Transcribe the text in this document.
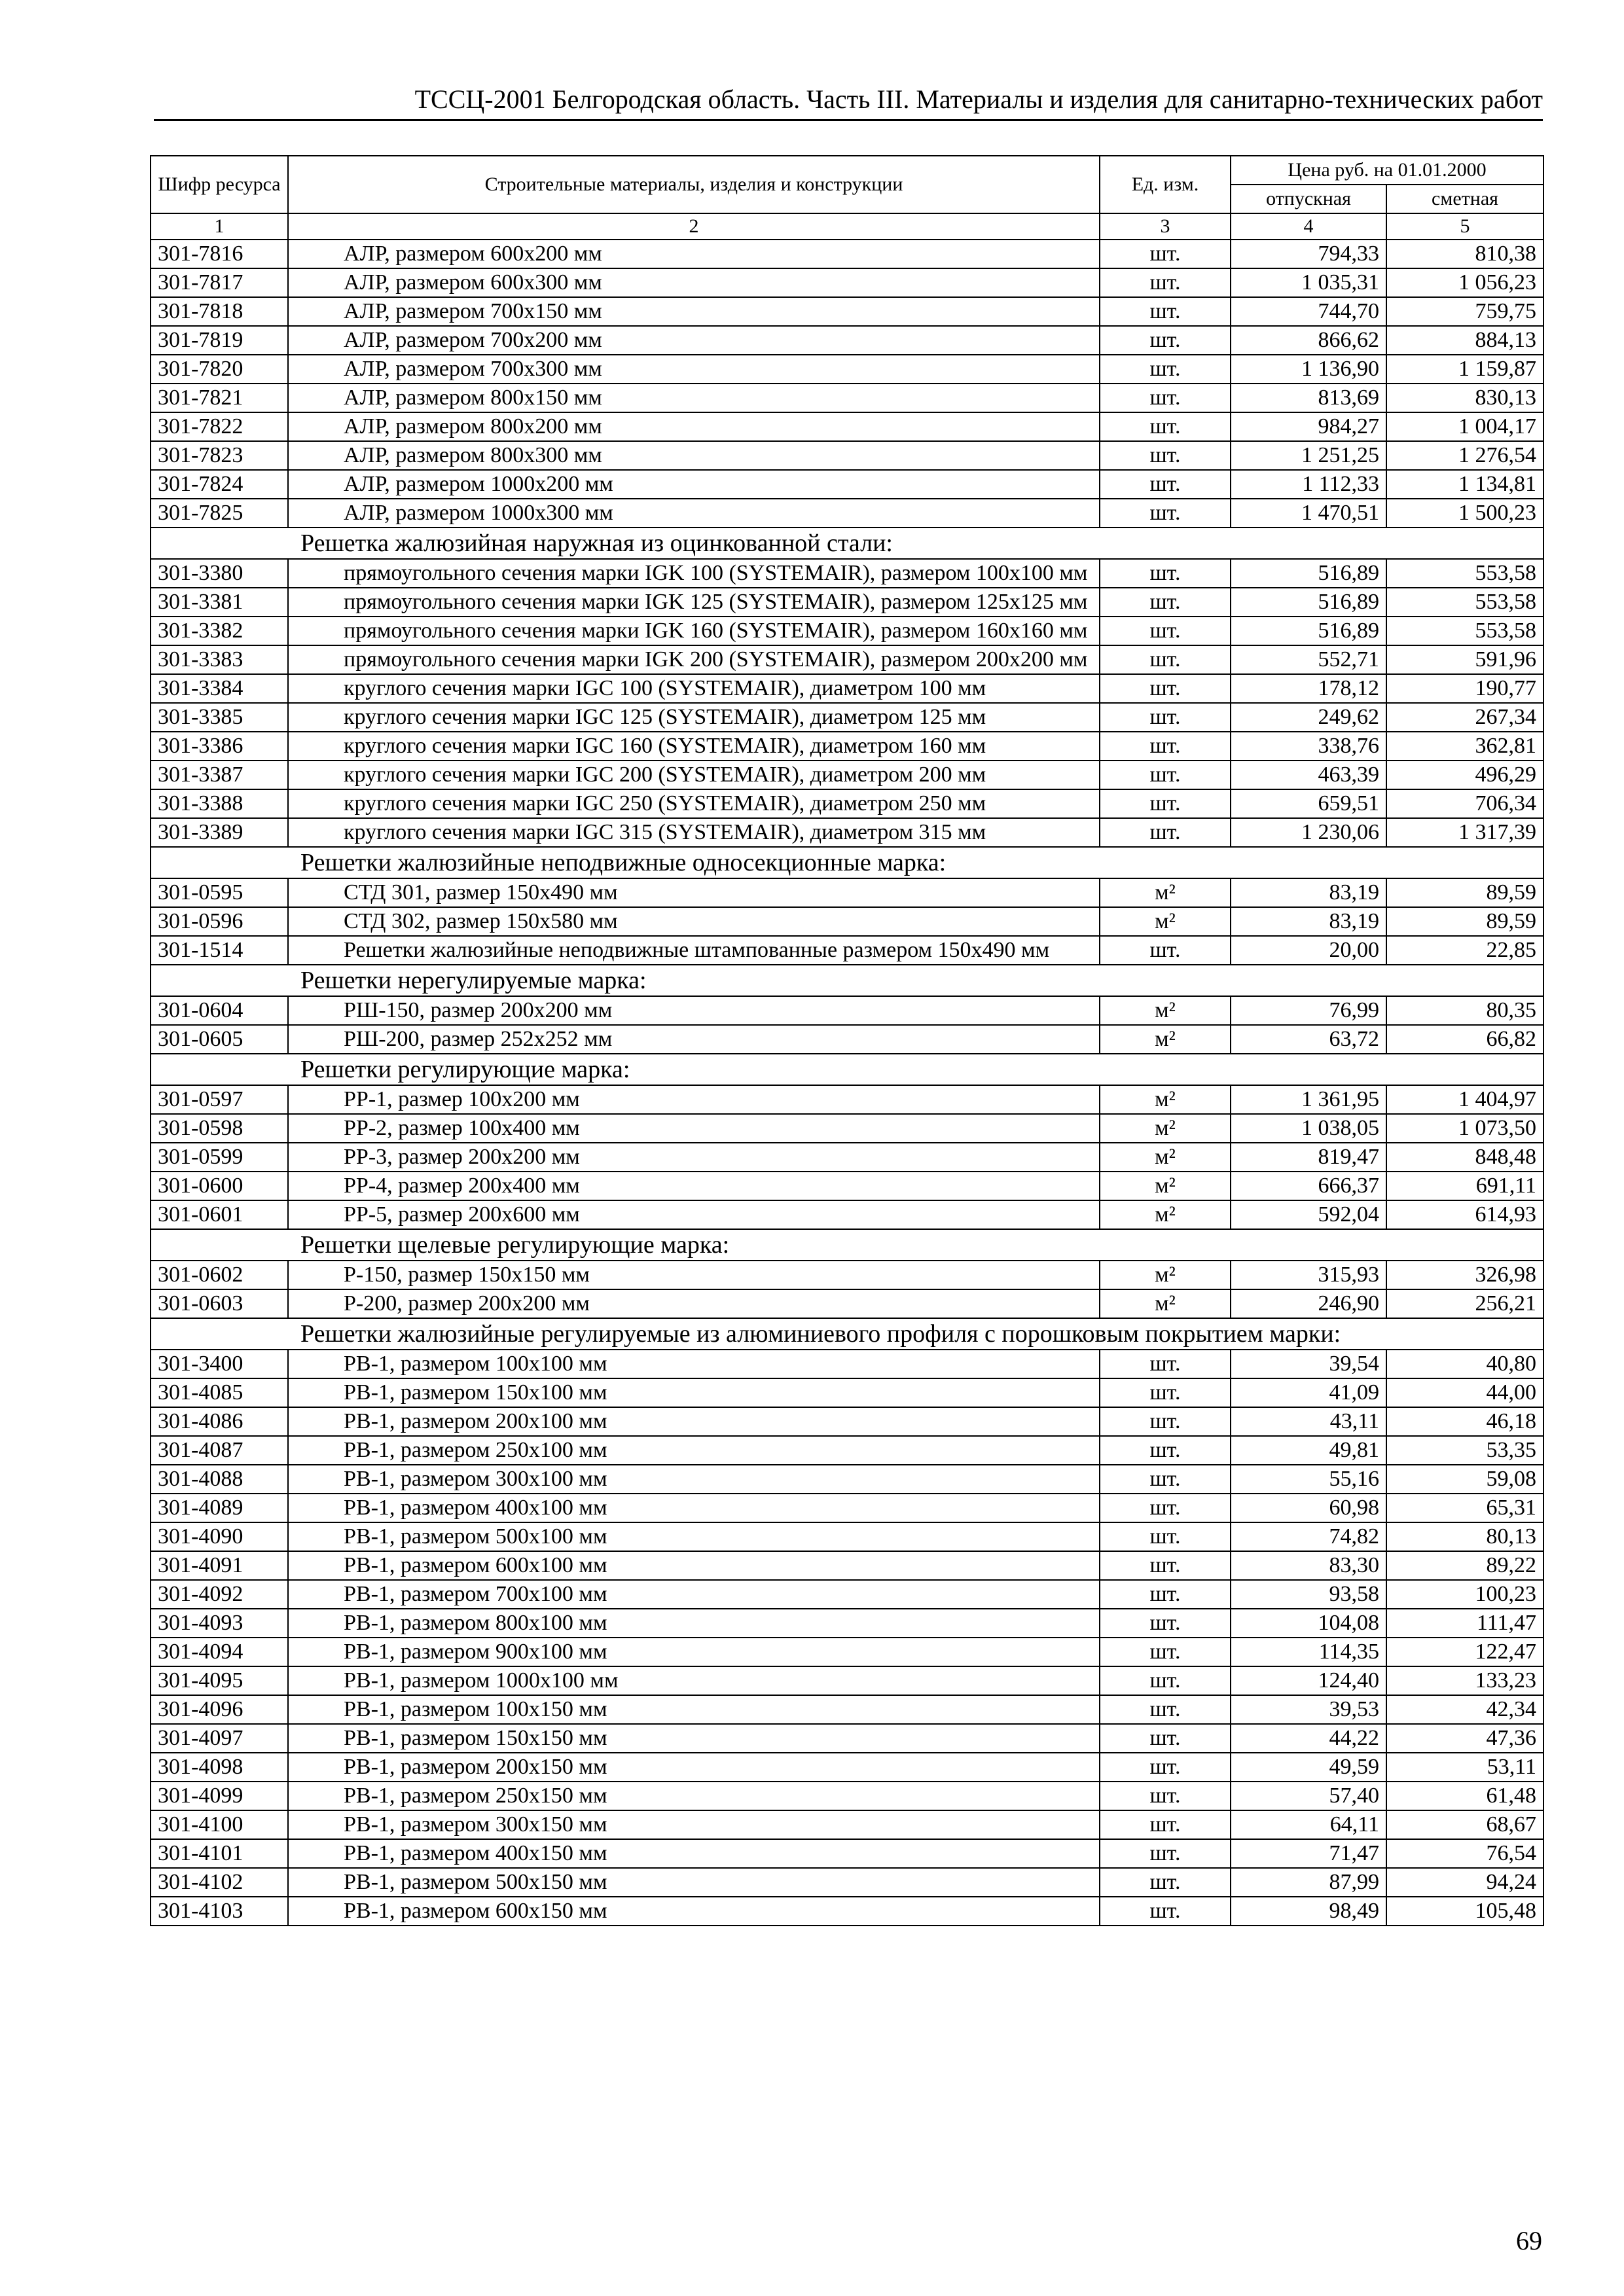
ТССЦ-2001 Белгородская область. Часть III. Материалы и изделия для санитарно-технических работ
Шифр ресурса	Строительные материалы, изделия и конструкции	Ед. изм.	Цена руб. на 01.01.2000	
			отпускная	сметная
1	2	3	4	5
301-7816	АЛР, размером 600х200 мм	шт.	794,33	810,38
301-7817	АЛР, размером 600х300 мм	шт.	1 035,31	1 056,23
301-7818	АЛР, размером 700х150 мм	шт.	744,70	759,75
301-7819	АЛР, размером 700х200 мм	шт.	866,62	884,13
301-7820	АЛР, размером 700х300 мм	шт.	1 136,90	1 159,87
301-7821	АЛР, размером 800х150 мм	шт.	813,69	830,13
301-7822	АЛР, размером 800х200 мм	шт.	984,27	1 004,17
301-7823	АЛР, размером 800х300 мм	шт.	1 251,25	1 276,54
301-7824	АЛР, размером 1000х200 мм	шт.	1 112,33	1 134,81
301-7825	АЛР, размером 1000х300 мм	шт.	1 470,51	1 500,23
Решетка жалюзийная наружная из оцинкованной стали:				
301-3380	прямоугольного сечения марки IGK 100 (SYSTEMAIR), размером 100х100 мм	шт.	516,89	553,58
301-3381	прямоугольного сечения марки IGK 125 (SYSTEMAIR), размером 125х125 мм	шт.	516,89	553,58
301-3382	прямоугольного сечения марки IGK 160 (SYSTEMAIR), размером 160х160 мм	шт.	516,89	553,58
301-3383	прямоугольного сечения марки IGK 200 (SYSTEMAIR), размером 200х200 мм	шт.	552,71	591,96
301-3384	круглого сечения марки IGC 100 (SYSTEMAIR), диаметром 100 мм	шт.	178,12	190,77
301-3385	круглого сечения марки IGC 125 (SYSTEMAIR), диаметром 125 мм	шт.	249,62	267,34
301-3386	круглого сечения марки IGC 160 (SYSTEMAIR), диаметром 160 мм	шт.	338,76	362,81
301-3387	круглого сечения марки IGC 200 (SYSTEMAIR), диаметром 200 мм	шт.	463,39	496,29
301-3388	круглого сечения марки IGC 250 (SYSTEMAIR), диаметром 250 мм	шт.	659,51	706,34
301-3389	круглого сечения марки IGC 315 (SYSTEMAIR), диаметром 315 мм	шт.	1 230,06	1 317,39
Решетки жалюзийные неподвижные односекционные марка:				
301-0595	СТД 301, размер 150х490 мм	м²	83,19	89,59
301-0596	СТД 302, размер 150х580 мм	м²	83,19	89,59
301-1514	Решетки жалюзийные неподвижные штампованные размером 150х490 мм	шт.	20,00	22,85
Решетки нерегулируемые марка:				
301-0604	РШ-150, размер 200х200 мм	м²	76,99	80,35
301-0605	РШ-200, размер 252х252 мм	м²	63,72	66,82
Решетки регулирующие марка:				
301-0597	РР-1, размер 100х200 мм	м²	1 361,95	1 404,97
301-0598	РР-2, размер 100х400 мм	м²	1 038,05	1 073,50
301-0599	РР-3, размер 200х200 мм	м²	819,47	848,48
301-0600	РР-4, размер 200х400 мм	м²	666,37	691,11
301-0601	РР-5, размер 200х600 мм	м²	592,04	614,93
Решетки щелевые регулирующие марка:				
301-0602	Р-150, размер 150х150 мм	м²	315,93	326,98
301-0603	Р-200, размер 200х200 мм	м²	246,90	256,21
Решетки жалюзийные регулируемые из алюминиевого профиля с порошковым покрытием марки:				
301-3400	РВ-1, размером 100х100 мм	шт.	39,54	40,80
301-4085	РВ-1, размером 150х100 мм	шт.	41,09	44,00
301-4086	РВ-1, размером 200х100 мм	шт.	43,11	46,18
301-4087	РВ-1, размером 250х100 мм	шт.	49,81	53,35
301-4088	РВ-1, размером 300х100 мм	шт.	55,16	59,08
301-4089	РВ-1, размером 400х100 мм	шт.	60,98	65,31
301-4090	РВ-1, размером 500х100 мм	шт.	74,82	80,13
301-4091	РВ-1, размером 600х100 мм	шт.	83,30	89,22
301-4092	РВ-1, размером 700х100 мм	шт.	93,58	100,23
301-4093	РВ-1, размером 800х100 мм	шт.	104,08	111,47
301-4094	РВ-1, размером 900х100 мм	шт.	114,35	122,47
301-4095	РВ-1, размером 1000х100 мм	шт.	124,40	133,23
301-4096	РВ-1, размером 100х150 мм	шт.	39,53	42,34
301-4097	РВ-1, размером 150х150 мм	шт.	44,22	47,36
301-4098	РВ-1, размером 200х150 мм	шт.	49,59	53,11
301-4099	РВ-1, размером 250х150 мм	шт.	57,40	61,48
301-4100	РВ-1, размером 300х150 мм	шт.	64,11	68,67
301-4101	РВ-1, размером 400х150 мм	шт.	71,47	76,54
301-4102	РВ-1, размером 500х150 мм	шт.	87,99	94,24
301-4103	РВ-1, размером 600х150 мм	шт.	98,49	105,48
69
